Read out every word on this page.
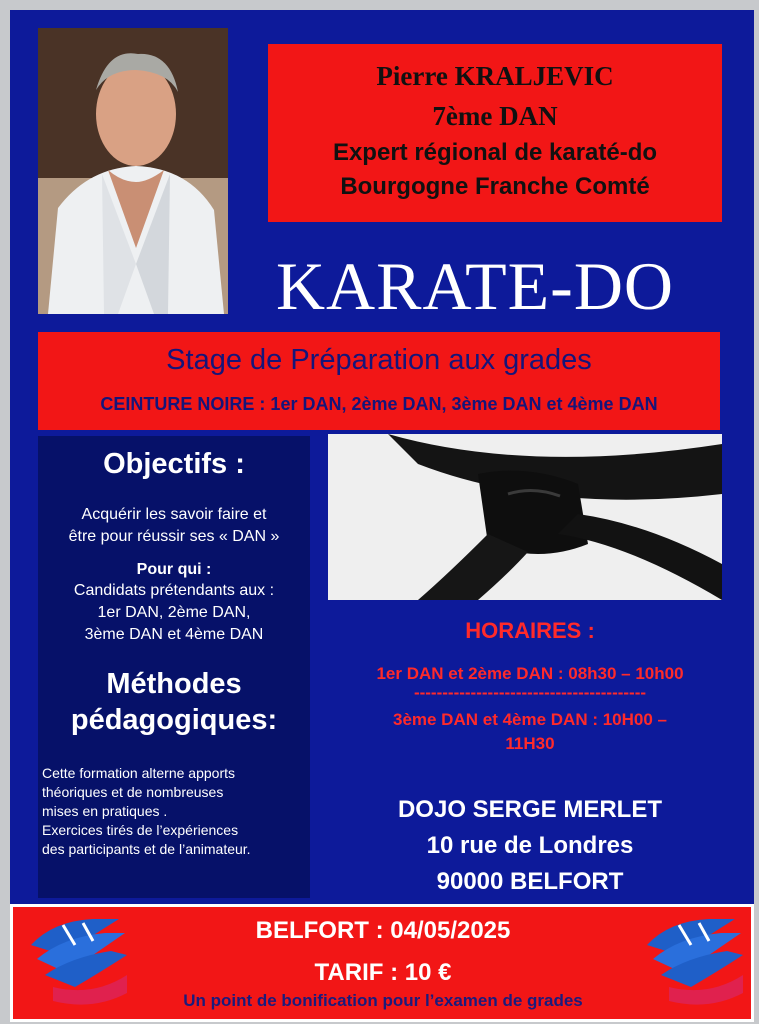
Pierre KRALJEVIC
7ème DAN
Expert régional de karaté-do
Bourgogne Franche Comté
KARATE-DO
Stage de Préparation aux grades
CEINTURE NOIRE : 1er DAN, 2ème DAN, 3ème DAN et 4ème DAN
Objectifs :
Acquérir les savoir faire et
être pour réussir ses « DAN »
Pour qui :
Candidats prétendants aux :
1er DAN, 2ème DAN,
3ème DAN et 4ème DAN
Méthodes
pédagogiques:
Cette formation alterne apports
théoriques et de nombreuses
mises en pratiques .
Exercices tirés de l’expériences
des participants et de l’animateur.
HORAIRES :
1er DAN et 2ème DAN : 08h30 – 10h00
-----------------------------------------
3ème DAN et 4ème DAN : 10H00 –
11H30
DOJO SERGE MERLET
10 rue de Londres
90000 BELFORT
BELFORT : 04/05/2025
TARIF : 10 €
Un point de bonification pour l’examen de grades
